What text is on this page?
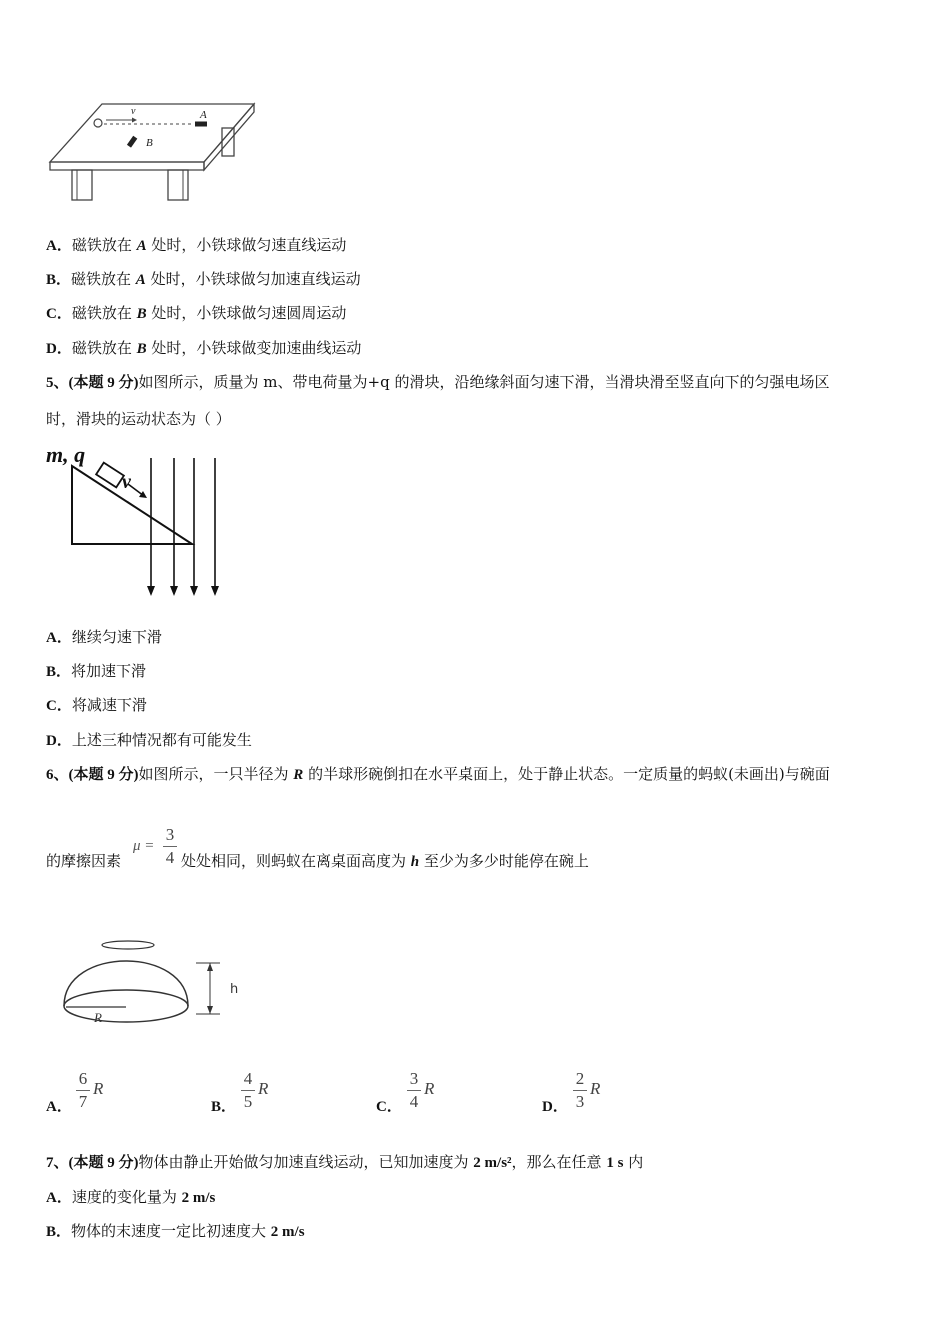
v	A
B
A．磁铁放在 A 处时，小铁球做匀速直线运动
B．磁铁放在 A 处时，小铁球做匀加速直线运动
C．磁铁放在 B 处时，小铁球做匀速圆周运动
D．磁铁放在 B 处时，小铁球做变加速曲线运动
5、(本题 9 分)如图所示，质量为 m、带电荷量为+q 的滑块，沿绝缘斜面匀速下滑，当滑块滑至竖直向下的匀强电场区
时，滑块的运动状态为（ ）
m, q
v
A．继续匀速下滑
B．将加速下滑
C．将减速下滑
D．上述三种情况都有可能发生
6、(本题 9 分)如图所示，一只半径为 R 的半球形碗倒扣在水平桌面上，处于静止状态。一定质量的蚂蚁(未画出)与碗面
的摩擦因素
μ =
3
4 处处相同，则蚂蚁在离桌面高度为 h 至少为多少时能停在碗上
R
h
A．
6
7
R
B．
4
5
R
C．
3
4
R
D．
2
3
R
7、(本题 9 分)物体由静止开始做匀加速直线运动，已知加速度为 2 m/s²，那么在任意 1 s 内
A．速度的变化量为 2 m/s
B．物体的末速度一定比初速度大 2 m/s
